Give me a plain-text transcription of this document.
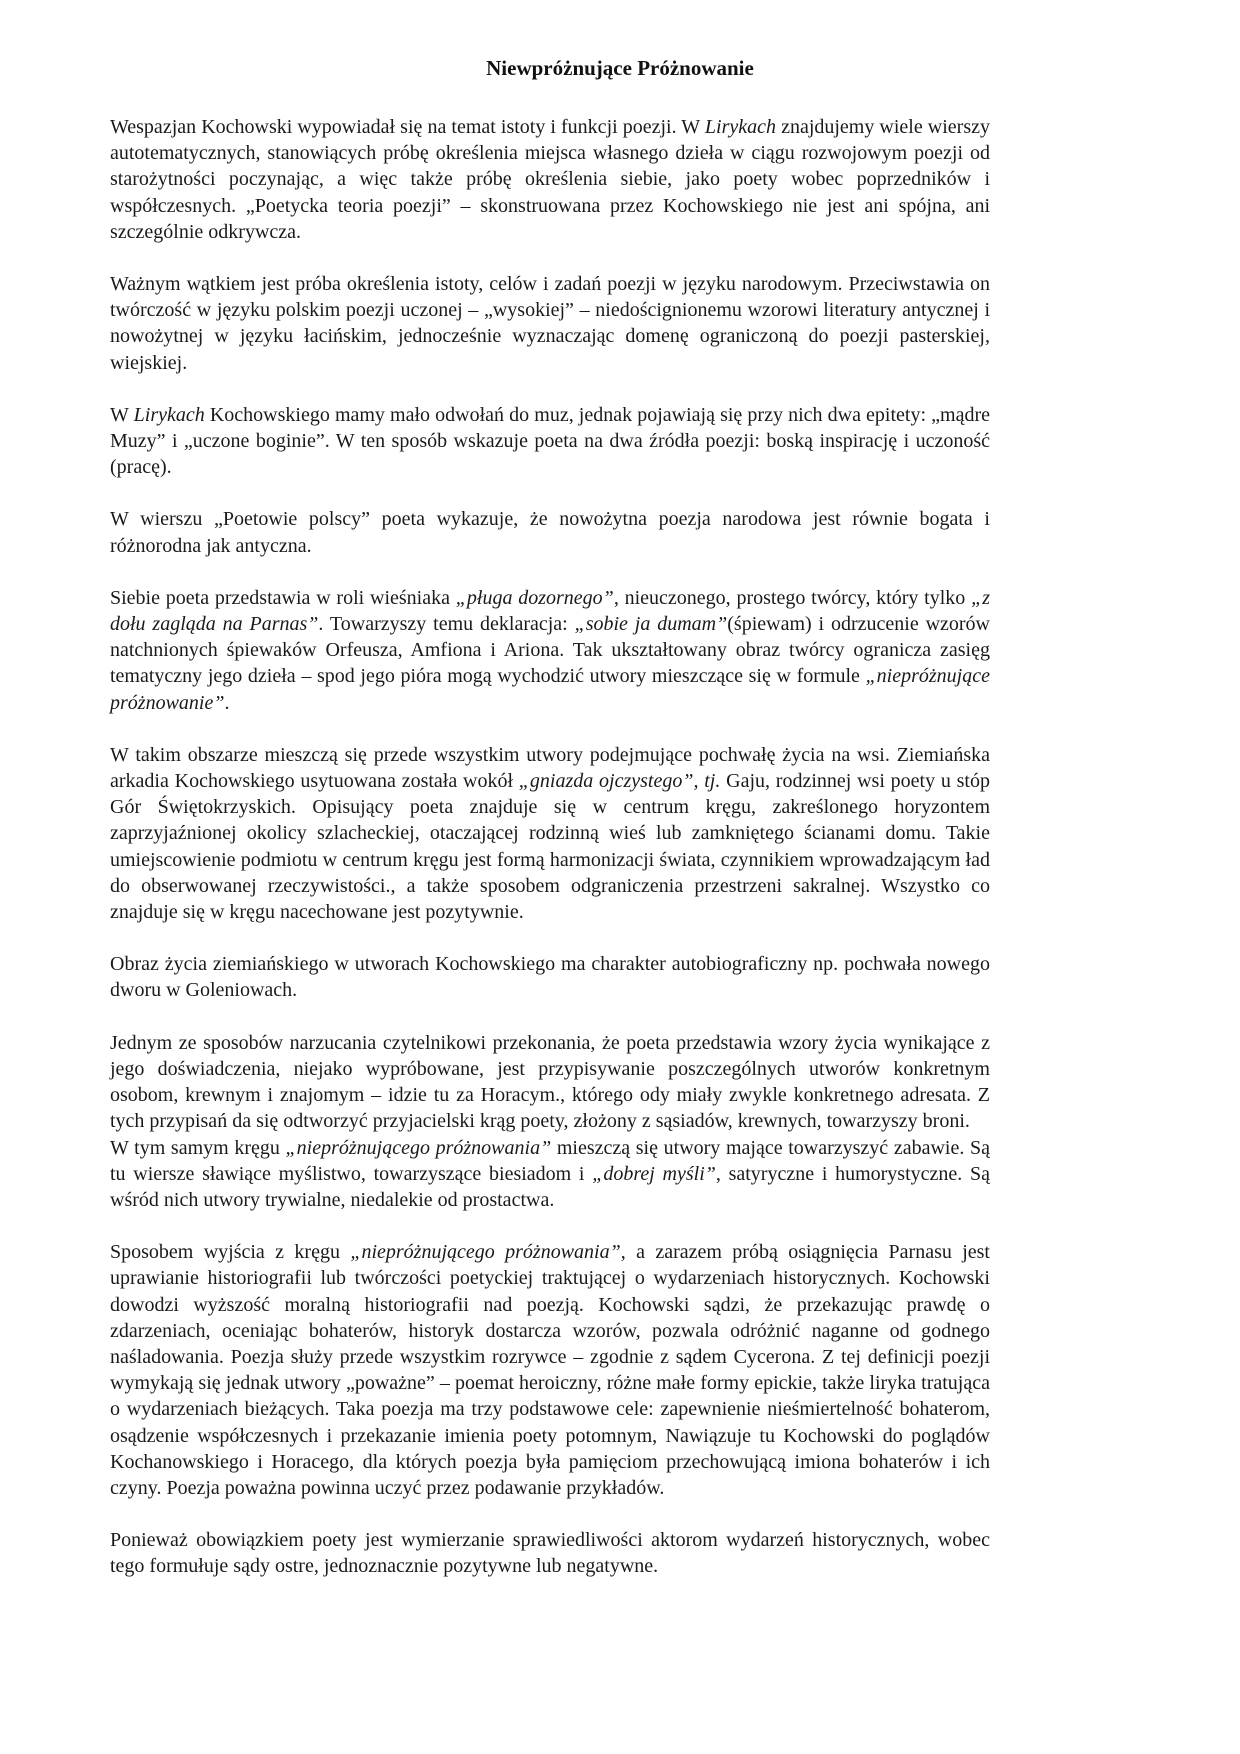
Niewpróżnujące Próżnowanie

Wespazjan Kochowski wypowiadał się na temat istoty i funkcji poezji. W Lirykach znajdujemy wiele wierszy autotematycznych, stanowiących próbę określenia miejsca własnego dzieła w ciągu rozwojowym poezji od starożytności poczynając, a więc także próbę określenia siebie, jako poety wobec poprzedników i współczesnych. „Poetycka teoria poezji” – skonstruowana przez Kochowskiego nie jest ani spójna, ani szczególnie odkrywcza.

Ważnym wątkiem jest próba określenia istoty, celów i zadań poezji w języku narodowym. Przeciwstawia on twórczość w języku polskim poezji uczonej – „wysokiej” – niedoścignionemu wzorowi literatury antycznej i nowożytnej w języku łacińskim, jednocześnie wyznaczając domenę ograniczoną do poezji pasterskiej, wiejskiej.

W Lirykach Kochowskiego mamy mało odwołań do muz, jednak pojawiają się przy nich dwa epitety: „mądre Muzy” i „uczone boginie”. W ten sposób wskazuje poeta na dwa źródła poezji: boską inspirację i uczoność (pracę).

W wierszu „Poetowie polscy” poeta wykazuje, że nowożytna poezja narodowa jest równie bogata i różnorodna jak antyczna.

Siebie poeta przedstawia w roli wieśniaka „pługa dozornego”, nieuczonego, prostego twórcy, który tylko „z dołu zagląda na Parnas”. Towarzyszy temu deklaracja: „sobie ja dumam”(śpiewam) i odrzucenie wzorów natchnionych śpiewaków Orfeusza, Amfiona i Ariona. Tak ukształtowany obraz twórcy ogranicza zasięg tematyczny jego dzieła – spod jego pióra mogą wychodzić utwory mieszczące się w formule „niepróżnujące próżnowanie”.

W takim obszarze mieszczą się przede wszystkim utwory podejmujące pochwałę życia na wsi. Ziemiańska arkadia Kochowskiego usytuowana została wokół „gniazda ojczystego”, tj. Gaju, rodzinnej wsi poety u stóp Gór Świętokrzyskich. Opisujący poeta znajduje się w centrum kręgu, zakreślonego horyzontem zaprzyjaźnionej okolicy szlacheckiej, otaczającej rodzinną wieś lub zamkniętego ścianami domu. Takie umiejscowienie podmiotu w centrum kręgu jest formą harmonizacji świata, czynnikiem wprowadzającym ład do obserwowanej rzeczywistości., a także sposobem odgraniczenia przestrzeni sakralnej. Wszystko co znajduje się w kręgu nacechowane jest pozytywnie.

Obraz życia ziemiańskiego w utworach Kochowskiego ma charakter autobiograficzny np. pochwała nowego dworu w Goleniowach.

Jednym ze sposobów narzucania czytelnikowi przekonania, że poeta przedstawia wzory życia wynikające z jego doświadczenia, niejako wypróbowane, jest przypisywanie poszczególnych utworów konkretnym osobom, krewnym i znajomym – idzie tu za Horacym., którego ody miały zwykle konkretnego adresata. Z tych przypisań da się odtworzyć przyjacielski krąg poety, złożony z sąsiadów, krewnych, towarzyszy broni.

W tym samym kręgu „niepróżnującego próżnowania” mieszczą się utwory mające towarzyszyć zabawie. Są tu wiersze sławiące myślistwo, towarzyszące biesiadom i „dobrej myśli”, satyryczne i humorystyczne. Są wśród nich utwory trywialne, niedalekie od prostactwa.

Sposobem wyjścia z kręgu „niepróżnującego próżnowania”, a zarazem próbą osiągnięcia Parnasu jest uprawianie historiografii lub twórczości poetyckiej traktującej o wydarzeniach historycznych. Kochowski dowodzi wyższość moralną historiografii nad poezją. Kochowski sądzi, że przekazując prawdę o zdarzeniach, oceniając bohaterów, historyk dostarcza wzorów, pozwala odróżnić naganne od godnego naśladowania. Poezja służy przede wszystkim rozrywce – zgodnie z sądem Cycerona. Z tej definicji poezji wymykają się jednak utwory „poważne” – poemat heroiczny, różne małe formy epickie, także liryka tratująca o wydarzeniach bieżących. Taka poezja ma trzy podstawowe cele: zapewnienie nieśmiertelność bohaterom, osądzenie współczesnych i przekazanie imienia poety potomnym, Nawiązuje tu Kochowski do poglądów Kochanowskiego i Horacego, dla których poezja była pamięciom przechowującą imiona bohaterów i ich czyny. Poezja poważna powinna uczyć przez podawanie przykładów.

Ponieważ obowiązkiem poety jest wymierzanie sprawiedliwości aktorom wydarzeń historycznych, wobec tego formułuje sądy ostre, jednoznacznie pozytywne lub negatywne.
